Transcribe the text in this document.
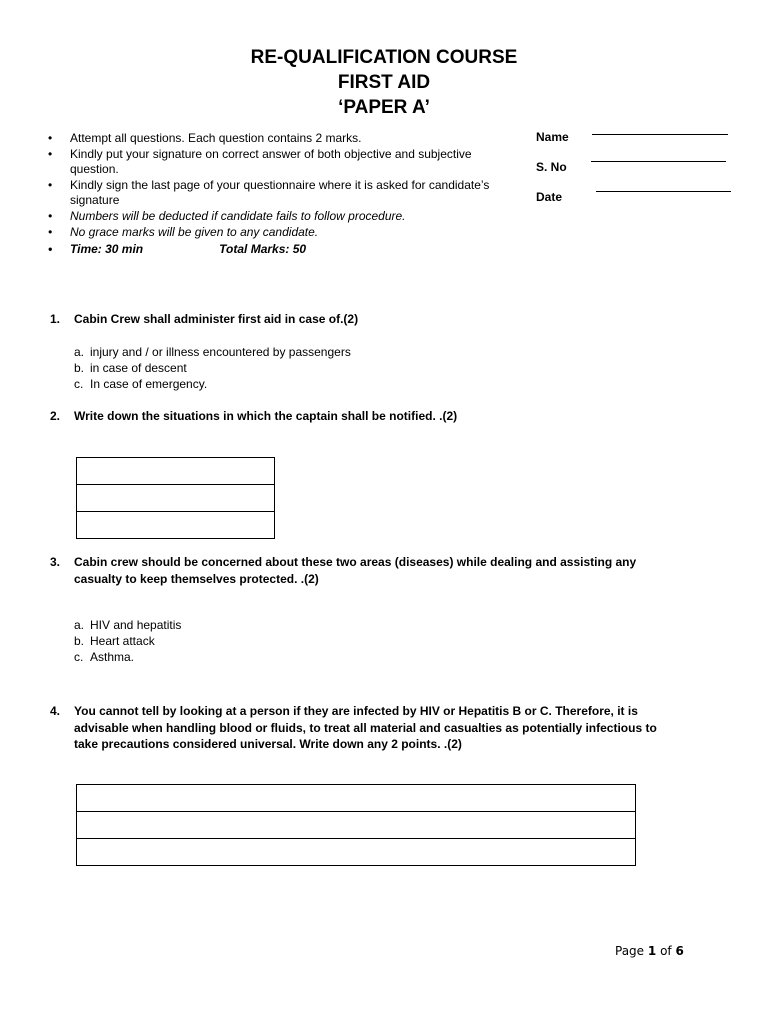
RE-QUALIFICATION COURSE
FIRST AID
‘PAPER A’
• Attempt all questions. Each question contains 2 marks.
• Kindly put your signature on correct answer of both objective and subjective question.
• Kindly sign the last page of your questionnaire where it is asked for candidate’s signature
• Numbers will be deducted if candidate fails to follow procedure.
• No grace marks will be given to any candidate.
• Time: 30 min	Total Marks: 50
Name
S. No
Date
1. Cabin Crew shall administer first aid in case of.(2)
a. injury and / or illness encountered by passengers
b. in case of descent
c. In case of emergency.
2. Write down the situations in which the captain shall be notified. .(2)
3. Cabin crew should be concerned about these two areas (diseases) while dealing and assisting any casualty to keep themselves protected. .(2)
a. HIV and hepatitis
b. Heart attack
c. Asthma.
4. You cannot tell by looking at a person if they are infected by HIV or Hepatitis B or C. Therefore, it is advisable when handling blood or fluids, to treat all material and casualties as potentially infectious to take precautions considered universal. Write down any 2 points. .(2)
Page 1 of 6
